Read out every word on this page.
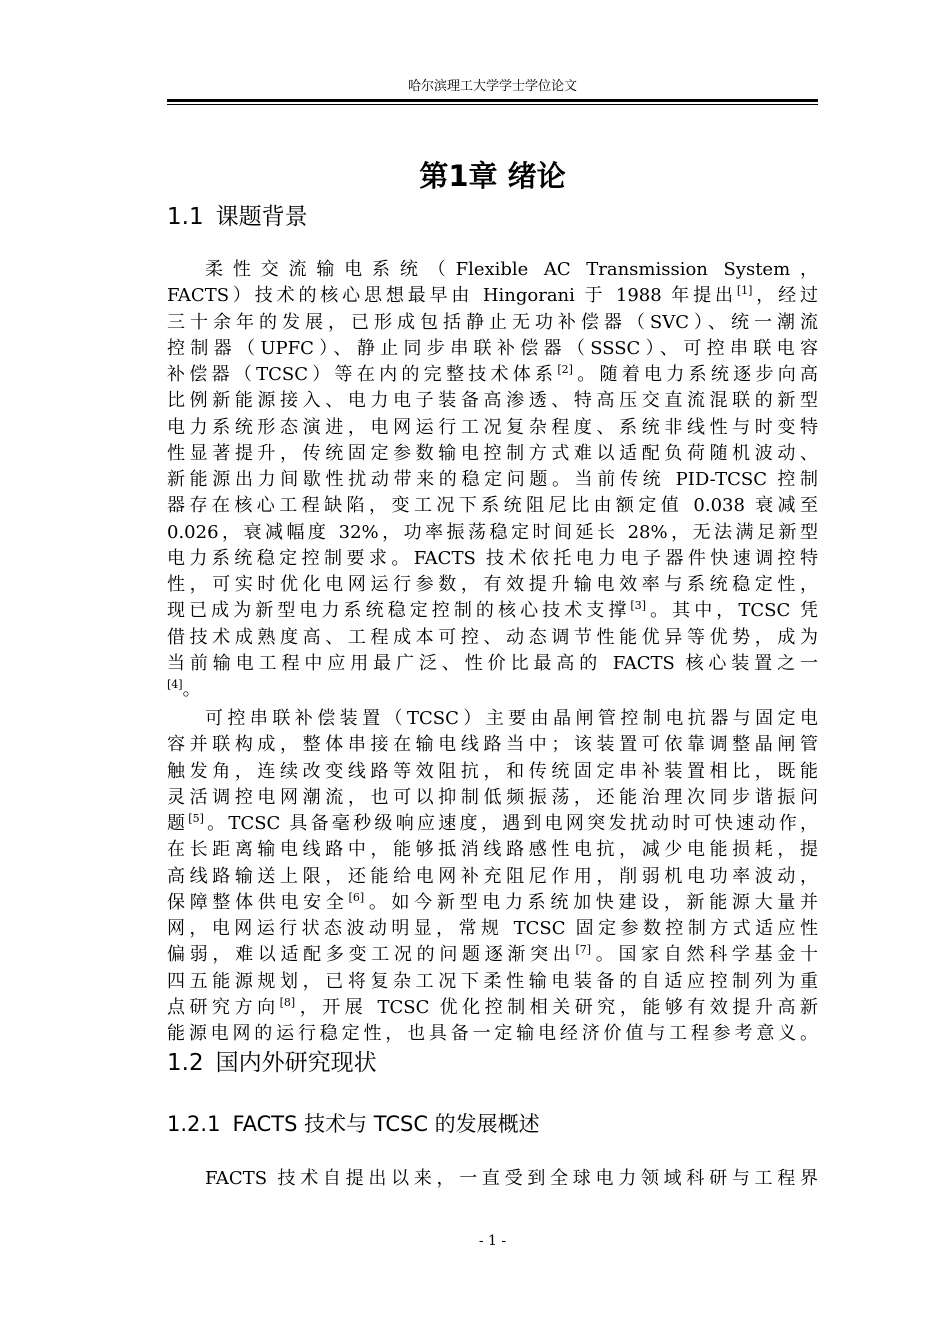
哈尔滨理工大学学士学位论文
第1章 绪论
1.1 课题背景
柔性交流输电系统（Flexible AC Transmission System，
FACTS）技术的核心思想最早由 Hingorani 于 1988 年提出[1]，经过
三十余年的发展，已形成包括静止无功补偿器（SVC）、统一潮流
控制器（UPFC）、静止同步串联补偿器（SSSC）、可控串联电容
补偿器（TCSC）等在内的完整技术体系[2]。随着电力系统逐步向高
比例新能源接入、电力电子装备高渗透、特高压交直流混联的新型
电力系统形态演进，电网运行工况复杂程度、系统非线性与时变特
性显著提升，传统固定参数输电控制方式难以适配负荷随机波动、
新能源出力间歇性扰动带来的稳定问题。当前传统 PID-TCSC 控制
器存在核心工程缺陷，变工况下系统阻尼比由额定值 0.038 衰减至
0.026，衰减幅度 32%，功率振荡稳定时间延长 28%，无法满足新型
电力系统稳定控制要求。FACTS 技术依托电力电子器件快速调控特
性，可实时优化电网运行参数，有效提升输电效率与系统稳定性，
现已成为新型电力系统稳定控制的核心技术支撑[3]。其中，TCSC 凭
借技术成熟度高、工程成本可控、动态调节性能优异等优势，成为
当前输电工程中应用最广泛、性价比最高的 FACTS 核心装置之一
[4]。
可控串联补偿装置（TCSC）主要由晶闸管控制电抗器与固定电
容并联构成，整体串接在输电线路当中；该装置可依靠调整晶闸管
触发角，连续改变线路等效阻抗，和传统固定串补装置相比，既能
灵活调控电网潮流，也可以抑制低频振荡，还能治理次同步谐振问
题[5]。TCSC 具备毫秒级响应速度，遇到电网突发扰动时可快速动作，
在长距离输电线路中，能够抵消线路感性电抗，减少电能损耗，提
高线路输送上限，还能给电网补充阻尼作用，削弱机电功率波动，
保障整体供电安全[6]。如今新型电力系统加快建设，新能源大量并
网，电网运行状态波动明显，常规 TCSC 固定参数控制方式适应性
偏弱，难以适配多变工况的问题逐渐突出[7]。国家自然科学基金十
四五能源规划，已将复杂工况下柔性输电装备的自适应控制列为重
点研究方向[8]，开展 TCSC 优化控制相关研究，能够有效提升高新
能源电网的运行稳定性，也具备一定输电经济价值与工程参考意义。
1.2 国内外研究现状
1.2.1 FACTS 技术与 TCSC 的发展概述
FACTS 技术自提出以来，一直受到全球电力领域科研与工程界
- 1 -
